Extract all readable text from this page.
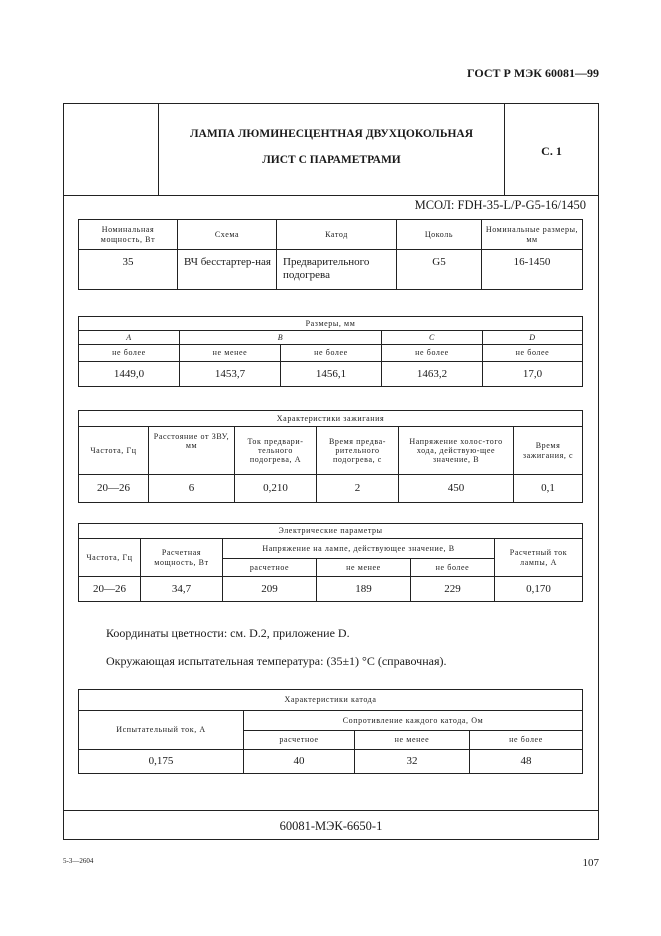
ГОСТ Р МЭК 60081—99
ЛАМПА ЛЮМИНЕСЦЕНТНАЯ ДВУХЦОКОЛЬНАЯ
ЛИСТ С ПАРАМЕТРАМИ
С. 1
МСОЛ: FDH-35-L/P-G5-16/1450
Номинальная мощность, Вт	Схема	Катод	Цоколь	Номинальные размеры, мм
35	ВЧ бесстартер-ная	Предварительного подогрева	G5	16-1450
Размеры, мм				
A	B		C	D
не более	не менее	не более	не более	не более
1449,0	1453,7	1456,1	1463,2	17,0
Характеристики зажигания					
Частота, Гц	Расстояние от ЗВУ, мм	Ток предвари-тельного подогрева, А	Время предва-рительного подогрева, с	Напряжение холос-того хода, действую-щее значение, В	Время зажигания, с
20—26	6	0,210	2	450	0,1
Электрические параметры					
Частота, Гц	Расчетная мощность, Вт	Напряжение на лампе, действующее значение, В			Расчетный ток лампы, А
		расчетное	не менее	не более	
20—26	34,7	209	189	229	0,170
Координаты цветности: см. D.2, приложение D.
Окружающая испытательная температура: (35±1) °С (справочная).
Характеристики катода			
Испытательный ток, А	Сопротивление каждого катода, Ом		
	расчетное	не менее	не более
0,175	40	32	48
60081-МЭК-6650-1
5-3—2604	107
